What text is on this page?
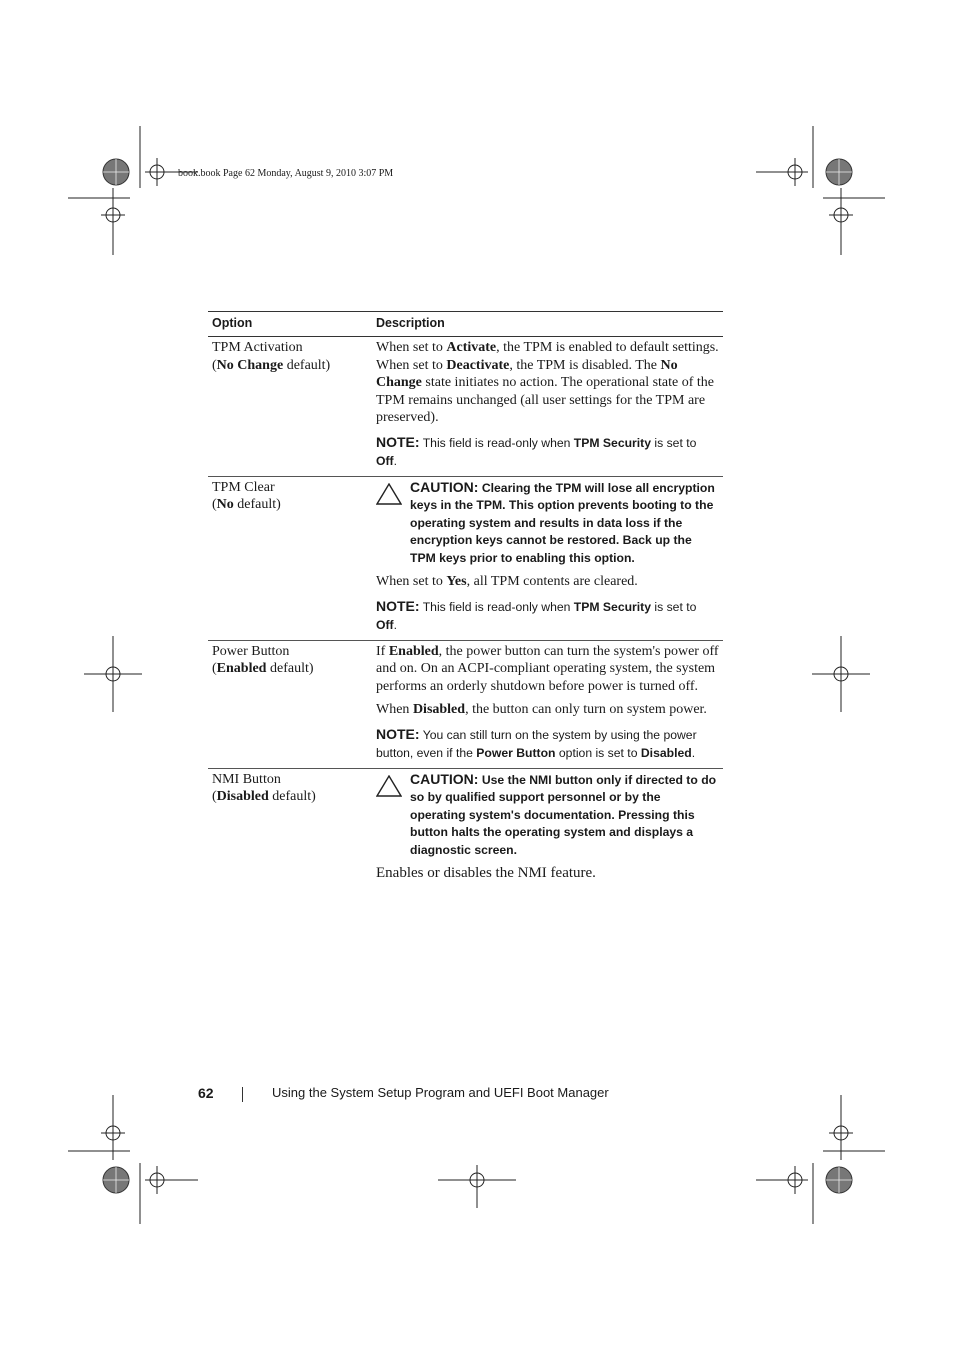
book.book Page 62 Monday, August 9, 2010 3:07 PM
Option	Description
TPM Activation
(No Change default)

When set to Activate, the TPM is enabled to default settings. When set to Deactivate, the TPM is disabled. The No Change state initiates no action. The operational state of the TPM remains unchanged (all user settings for the TPM are preserved).

NOTE: This field is read-only when TPM Security is set to Off.

TPM Clear
(No default)
CAUTION: Clearing the TPM will lose all encryption keys in the TPM. This option prevents booting to the operating system and results in data loss if the encryption keys cannot be restored. Back up the TPM keys prior to enabling this option.

When set to Yes, all TPM contents are cleared.

NOTE: This field is read-only when TPM Security is set to Off.

Power Button
(Enabled default)

If Enabled, the power button can turn the system's power off and on. On an ACPI-compliant operating system, the system performs an orderly shutdown before power is turned off.

When Disabled, the button can only turn on system power.

NOTE: You can still turn on the system by using the power button, even if the Power Button option is set to Disabled.

NMI Button
(Disabled default)
CAUTION: Use the NMI button only if directed to do so by qualified support personnel or by the operating system's documentation. Pressing this button halts the operating system and displays a diagnostic screen.

Enables or disables the NMI feature.

62	Using the System Setup Program and UEFI Boot Manager
